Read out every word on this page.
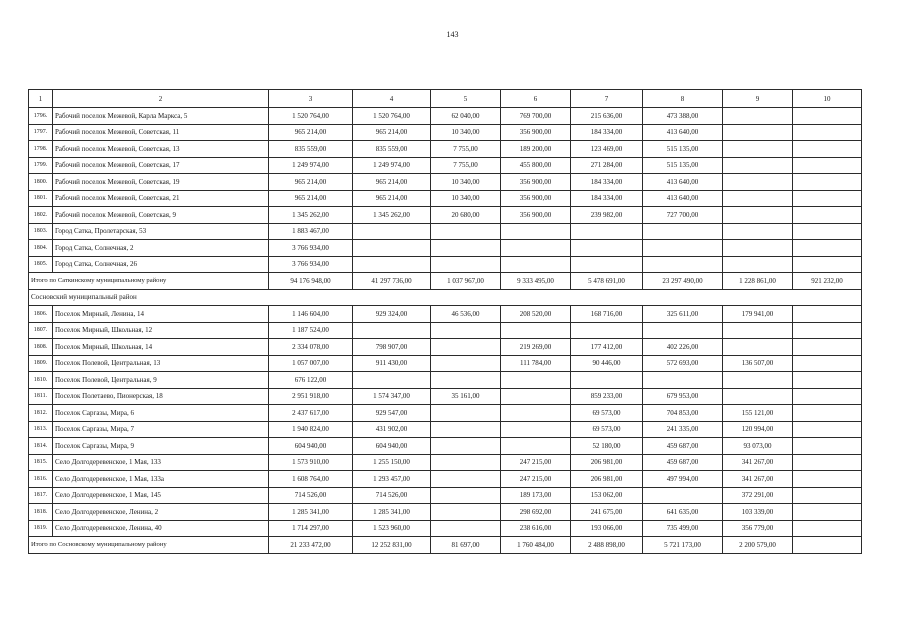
143
1	2	3	4	5	6	7	8	9	10
1796.	Рабочий поселок Межевой, Карла Маркса, 5	1 520 764,00	1 520 764,00	62 040,00	769 700,00	215 636,00	473 388,00		
1797.	Рабочий поселок Межевой, Советская, 11	965 214,00	965 214,00	10 340,00	356 900,00	184 334,00	413 640,00		
1798.	Рабочий поселок Межевой, Советская, 13	835 559,00	835 559,00	7 755,00	189 200,00	123 469,00	515 135,00		
1799.	Рабочий поселок Межевой, Советская, 17	1 249 974,00	1 249 974,00	7 755,00	455 800,00	271 284,00	515 135,00		
1800.	Рабочий поселок Межевой, Советская, 19	965 214,00	965 214,00	10 340,00	356 900,00	184 334,00	413 640,00		
1801.	Рабочий поселок Межевой, Советская, 21	965 214,00	965 214,00	10 340,00	356 900,00	184 334,00	413 640,00		
1802.	Рабочий поселок Межевой, Советская, 9	1 345 262,00	1 345 262,00	20 680,00	356 900,00	239 982,00	727 700,00		
1803.	Город Сатка, Пролетарская, 53	1 883 467,00							
1804.	Город Сатка, Солнечная, 2	3 766 934,00							
1805.	Город Сатка, Солнечная, 26	3 766 934,00							
Итого по Саткинскому муниципальному району		94 176 948,00	41 297 736,00	1 037 967,00	9 333 495,00	5 478 691,00	23 297 490,00	1 228 861,00	921 232,00
Сосновский муниципальный район									
1806.	Поселок Мирный, Ленина, 14	1 146 604,00	929 324,00	46 536,00	208 520,00	168 716,00	325 611,00	179 941,00	
1807.	Поселок Мирный, Школьная, 12	1 187 524,00							
1808.	Поселок Мирный, Школьная, 14	2 334 078,00	798 907,00		219 269,00	177 412,00	402 226,00		
1809.	Поселок Полевой, Центральная, 13	1 057 007,00	911 430,00		111 784,00	90 446,00	572 693,00	136 507,00	
1810.	Поселок Полевой, Центральная, 9	676 122,00							
1811.	Поселок Полетаево, Пионерская, 18	2 951 918,00	1 574 347,00	35 161,00		859 233,00	679 953,00		
1812.	Поселок Саргазы, Мира, 6	2 437 617,00	929 547,00			69 573,00	704 853,00	155 121,00	
1813.	Поселок Саргазы, Мира, 7	1 940 824,00	431 902,00			69 573,00	241 335,00	120 994,00	
1814.	Поселок Саргазы, Мира, 9	604 940,00	604 940,00			52 180,00	459 687,00	93 073,00	
1815.	Село Долгодеревенское, 1 Мая, 133	1 573 910,00	1 255 150,00		247 215,00	206 981,00	459 687,00	341 267,00	
1816.	Село Долгодеревенское, 1 Мая, 133а	1 608 764,00	1 293 457,00		247 215,00	206 981,00	497 994,00	341 267,00	
1817.	Село Долгодеревенское, 1 Мая, 145	714 526,00	714 526,00		189 173,00	153 062,00		372 291,00	
1818.	Село Долгодеревенское, Ленина, 2	1 285 341,00	1 285 341,00		298 692,00	241 675,00	641 635,00	103 339,00	
1819.	Село Долгодеревенское, Ленина, 40	1 714 297,00	1 523 960,00		238 616,00	193 066,00	735 499,00	356 779,00	
Итого по Сосновскому муниципальному району		21 233 472,00	12 252 831,00	81 697,00	1 760 484,00	2 488 898,00	5 721 173,00	2 200 579,00	
